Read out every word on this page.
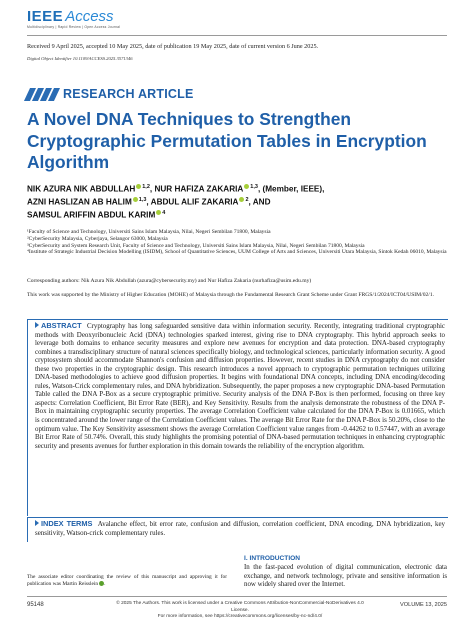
IEEE Access
Multidisciplinary | Rapid Review | Open Access Journal
Received 9 April 2025, accepted 10 May 2025, date of publication 19 May 2025, date of current version 6 June 2025.
Digital Object Identifier 10.1109/ACCESS.2025.3571346
RESEARCH ARTICLE
A Novel DNA Techniques to Strengthen Cryptographic Permutation Tables in Encryption Algorithm
NIK AZURA NIK ABDULLAH $^{1,2}$, NUR HAFIZA ZAKARIA $^{1,3}$, (Member, IEEE),
AZNI HASLIZAN AB HALIM $^{1,3}$, ABDUL ALIF ZAKARIA $^2$, AND
SAMSUL ARIFFIN ABDUL KARIM $^4$
¹Faculty of Science and Technology, Universiti Sains Islam Malaysia, Nilai, Negeri Sembilan 71800, Malaysia
²CyberSecurity Malaysia, Cyberjaya, Selangor 63000, Malaysia
³CyberSecurity and System Research Unit, Faculty of Science and Technology, Universiti Sains Islam Malaysia, Nilai, Negeri Sembilan 71800, Malaysia
⁴Institute of Strategic Industrial Decision Modelling (ISIDM), School of Quantitative Sciences, UUM College of Arts and Sciences, Universiti Utara Malaysia, Sintok Kedah 06010, Malaysia
Corresponding authors: Nik Azura Nik Abdullah (azura@cybersecurity.my) and Nur Hafiza Zakaria (nurhafiza@usim.edu.my)
This work was supported by the Ministry of Higher Education (MOHE) of Malaysia through the Fundamental Research Grant Scheme under Grant FRGS/1/2024/ICT04/USIM/02/1.
ABSTRACT Cryptography has long safeguarded sensitive data within information security. Recently, integrating traditional cryptographic methods with Deoxyribonucleic Acid (DNA) technologies sparked interest, giving rise to DNA cryptography. This hybrid approach seeks to leverage both domains to enhance security measures and explore new avenues for encryption and data protection. DNA-based cryptography combines a transdisciplinary structure of natural sciences specifically biology, and technological sciences, particularly information security. A good cryptosystem should accommodate Shannon's confusion and diffusion properties. However, recent studies in DNA cryptography do not consider these two properties in the cryptographic design. This research introduces a novel approach to cryptographic permutation techniques utilizing DNA-based methodologies to achieve good diffusion properties. It begins with foundational DNA concepts, including DNA encoding/decoding rules, Watson-Crick complementary rules, and DNA hybridization. Subsequently, the paper proposes a new cryptographic DNA-based Permutation Table called the DNA P-Box as a secure cryptographic primitive. Security analysis of the DNA P-Box is then performed, focusing on three key aspects: Correlation Coefficient, Bit Error Rate (BER), and Key Sensitivity. Results from the analysis demonstrate the robustness of the DNA P-Box in maintaining cryptographic security properties. The average Correlation Coefficient value calculated for the DNA P-Box is 0.01665, which is concentrated around the lower range of the Correlation Coefficient values. The average Bit Error Rate for the DNA P-Box is 50.20%, close to the optimum value. The Key Sensitivity assessment shows the average Correlation Coefficient value ranges from -0.44262 to 0.57447, with an average Bit Error Rate of 50.74%. Overall, this study highlights the promising potential of DNA-based permutation techniques in enhancing cryptographic security and presents avenues for further exploration in this domain towards the reliability of the encryption algorithm.
INDEX TERMS Avalanche effect, bit error rate, confusion and diffusion, correlation coefficient, DNA encoding, DNA hybridization, key sensitivity, Watson-crick complementary rules.
I. INTRODUCTION
In the fast-paced evolution of digital communication, electronic data exchange, and network technology, private and sensitive information is now widely shared over the Internet.
The associate editor coordinating the review of this manuscript and approving it for publication was Martin Reisslein .
95148	© 2025 The Authors. This work is licensed under a Creative Commons Attribution-NonCommercial-NoDerivatives 4.0 License.
For more information, see https://creativecommons.org/licenses/by-nc-nd/4.0/
VOLUME 13, 2025
